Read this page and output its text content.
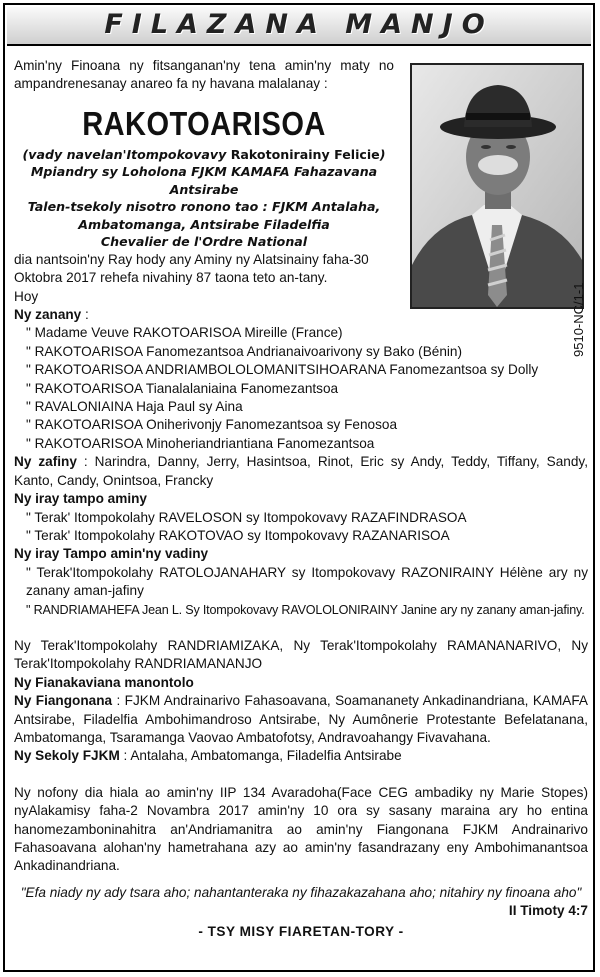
FILAZANA MANJO
9510-NC/1-1

Amin'ny Finoana ny fitsanganan'ny tena amin'ny maty no ampandrenesanay anareo fa ny havana malalanay :

RAKOTOARISOA
(vady navelan'Itompokovavy Rakotonirainy Felicie)
Mpiandry sy Loholona FJKM KAMAFA Fahazavana Antsirabe
Talen-tsekoly nisotro ronono tao : FJKM Antalaha, Ambatomanga, Antsirabe Filadelfia
Chevalier de l'Ordre National

dia nantsoin'ny Ray hody any Aminy ny Alatsinainy faha-30 Oktobra 2017 rehefa nivahiny 87 taona teto an-tany.

Hoy

Ny zanany :

" Madame Veuve RAKOTOARISOA Mireille (France)

" RAKOTOARISOA Fanomezantsoa Andrianaivoarivony sy Bako (Bénin)

" RAKOTOARISOA ANDRIAMBOLOLOMANITSIHOARANA Fanomezantsoa sy Dolly

" RAKOTOARISOA Tianalalaniaina Fanomezantsoa

" RAVALONIAINA Haja Paul sy Aina

" RAKOTOARISOA Oniherivonjy Fanomezantsoa sy Fenosoa

" RAKOTOARISOA Minoheriandriantiana Fanomezantsoa

Ny zafiny : Narindra, Danny, Jerry, Hasintsoa, Rinot, Eric sy Andy, Teddy, Tiffany, Sandy, Kanto, Candy, Onintsoa, Francky

Ny iray tampo aminy

" Terak' Itompokolahy RAVELOSON sy Itompokovavy RAZAFINDRASOA

" Terak' Itompokolahy RAKOTOVAO sy Itompokovavy RAZANARISOA

Ny iray Tampo amin'ny vadiny

" Terak'Itompokolahy RATOLOJANAHARY sy Itompokovavy RAZONIRAINY Hélène ary ny zanany aman-jafiny

" RANDRIAMAHEFA Jean L. Sy Itompokovavy RAVOLOLONIRAINY Janine ary ny zanany aman-jafiny.

Ny Terak'Itompokolahy RANDRIAMIZAKA, Ny Terak'Itompokolahy RAMANANARIVO, Ny Terak'Itompokolahy RANDRIAMANANJO

Ny Fianakaviana manontolo

Ny Fiangonana : FJKM Andrainarivo Fahasoavana, Soamananety Ankadinandriana, KAMAFA Antsirabe, Filadelfia Ambohimandroso Antsirabe, Ny Aumônerie Protestante Befelatanana, Ambatomanga, Tsaramanga Vaovao Ambatofotsy, Andravoahangy Fivavahana.

Ny Sekoly FJKM : Antalaha, Ambatomanga, Filadelfia Antsirabe

Ny nofony dia hiala ao amin'ny IIP 134 Avaradoha(Face CEG ambadiky ny Marie Stopes) nyAlakamisy faha-2 Novambra 2017 amin'ny 10 ora sy sasany maraina ary ho entina hanomezamboninahitra an'Andriamanitra ao amin'ny Fiangonana FJKM Andrainarivo Fahasoavana alohan'ny hametrahana azy ao amin'ny fasandrazany eny Ambohimanantsoa Ankadinandriana.

"Efa niady ny ady tsara aho; nahantanteraka ny fihazakazahana aho; nitahiry ny finoana aho"

II Timoty 4:7

- TSY MISY FIARETAN-TORY -
